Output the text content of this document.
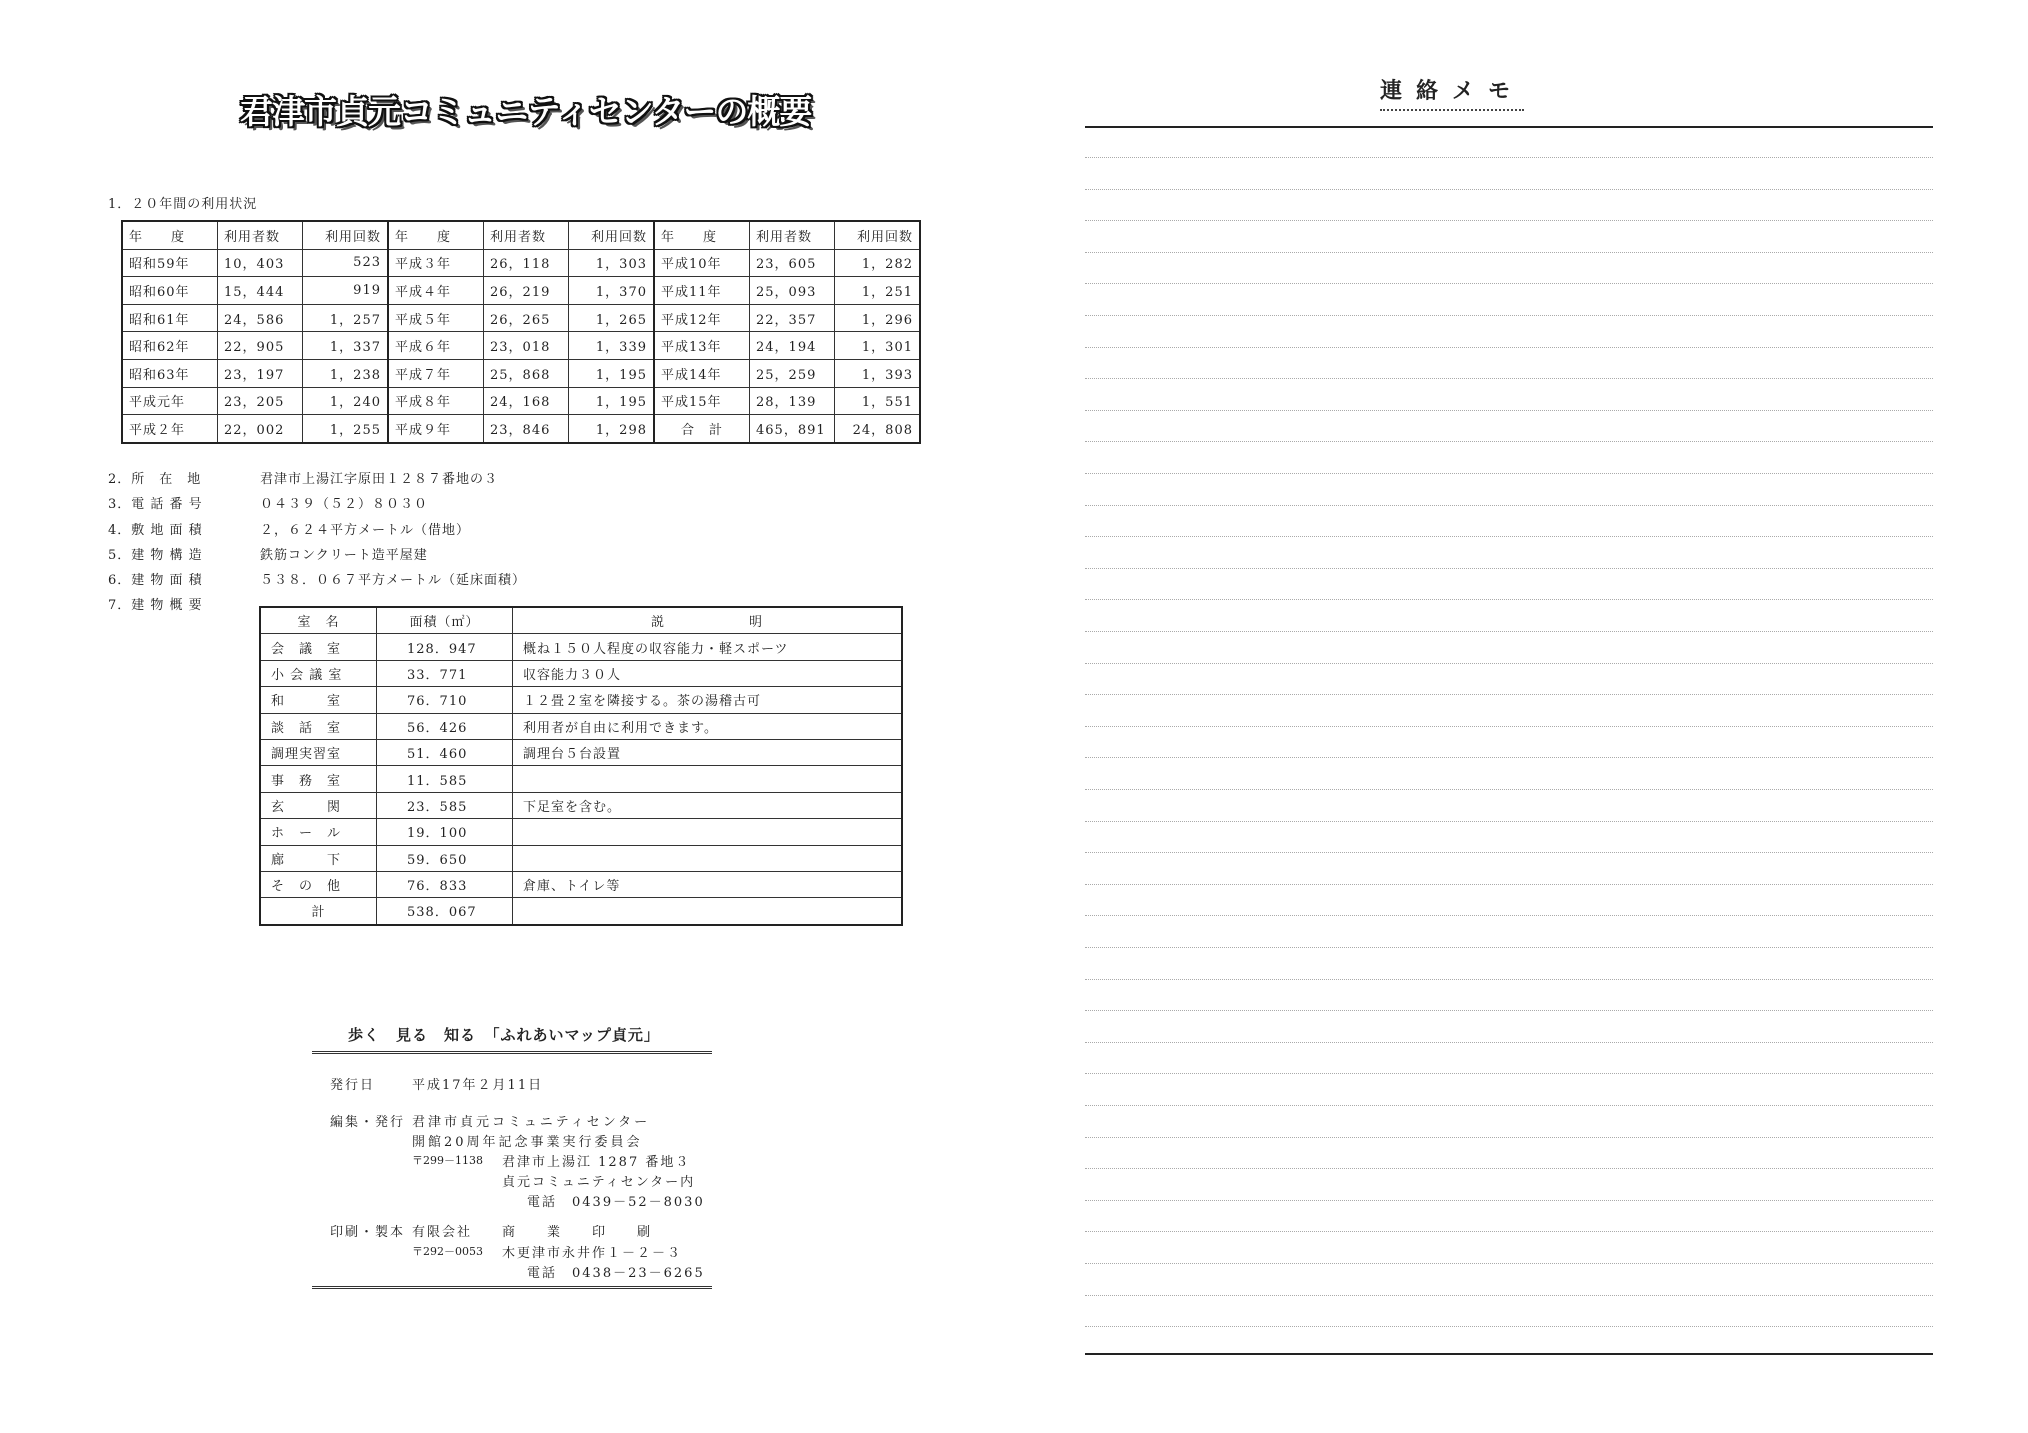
君津市貞元コミュニティセンターの概要
1．２０年間の利用状況
年　　度	利用者数	利用回数	年　　度	利用者数	利用回数	年　　度	利用者数	利用回数
昭和59年	10，403	523	平成３年	26，118	1，303	平成10年	23，605	1，282
昭和60年	15，444	919	平成４年	26，219	1，370	平成11年	25，093	1，251
昭和61年	24，586	1，257	平成５年	26，265	1，265	平成12年	22，357	1，296
昭和62年	22，905	1，337	平成６年	23，018	1，339	平成13年	24，194	1，301
昭和63年	23，197	1，238	平成７年	25，868	1，195	平成14年	25，259	1，393
平成元年	23，205	1，240	平成８年	24，168	1，195	平成15年	28，139	1，551
平成２年	22，002	1，255	平成９年	23，846	1，298	合　計	465，891	24，808
2．所　在　地	君津市上湯江字原田１２８７番地の３
3．電 話 番 号	０４３９（５２）８０３０
4．敷 地 面 積	２，６２４平方メートル（借地）
5．建 物 構 造	鉄筋コンクリート造平屋建
6．建 物 面 積	５３８．０６７平方メートル（延床面積）
7．建 物 概 要
室　名	面積（㎡）	説　　　　　　明
会　議　室	128．947	概ね１５０人程度の収容能力・軽スポーツ
小 会 議 室	33．771	収容能力３０人
和　　　室	76．710	１２畳２室を隣接する。茶の湯稽古可
談　話　室	56．426	利用者が自由に利用できます。
調理実習室	51．460	調理台５台設置
事　務　室	11．585	
玄　　　関	23．585	下足室を含む。
ホ　ー　ル	19．100	
廊　　　下	59．650	
そ　の　他	76．833	倉庫、トイレ等
計	538．067	
歩く　見る　知る　「ふれあいマップ貞元」
発行日	平成17年２月11日
編集・発行 君津市貞元コミュニティセンター
開館20周年記念事業実行委員会
〒299－1138 君津市上湯江 1287 番地３
貞元コミュニティセンター内
電話　0439－52－8030
印刷・製本 有限会社　　商　　業　　印　　刷
〒292－0053 木更津市永井作１－２－３
電話　0438－23－6265
連絡メモ
